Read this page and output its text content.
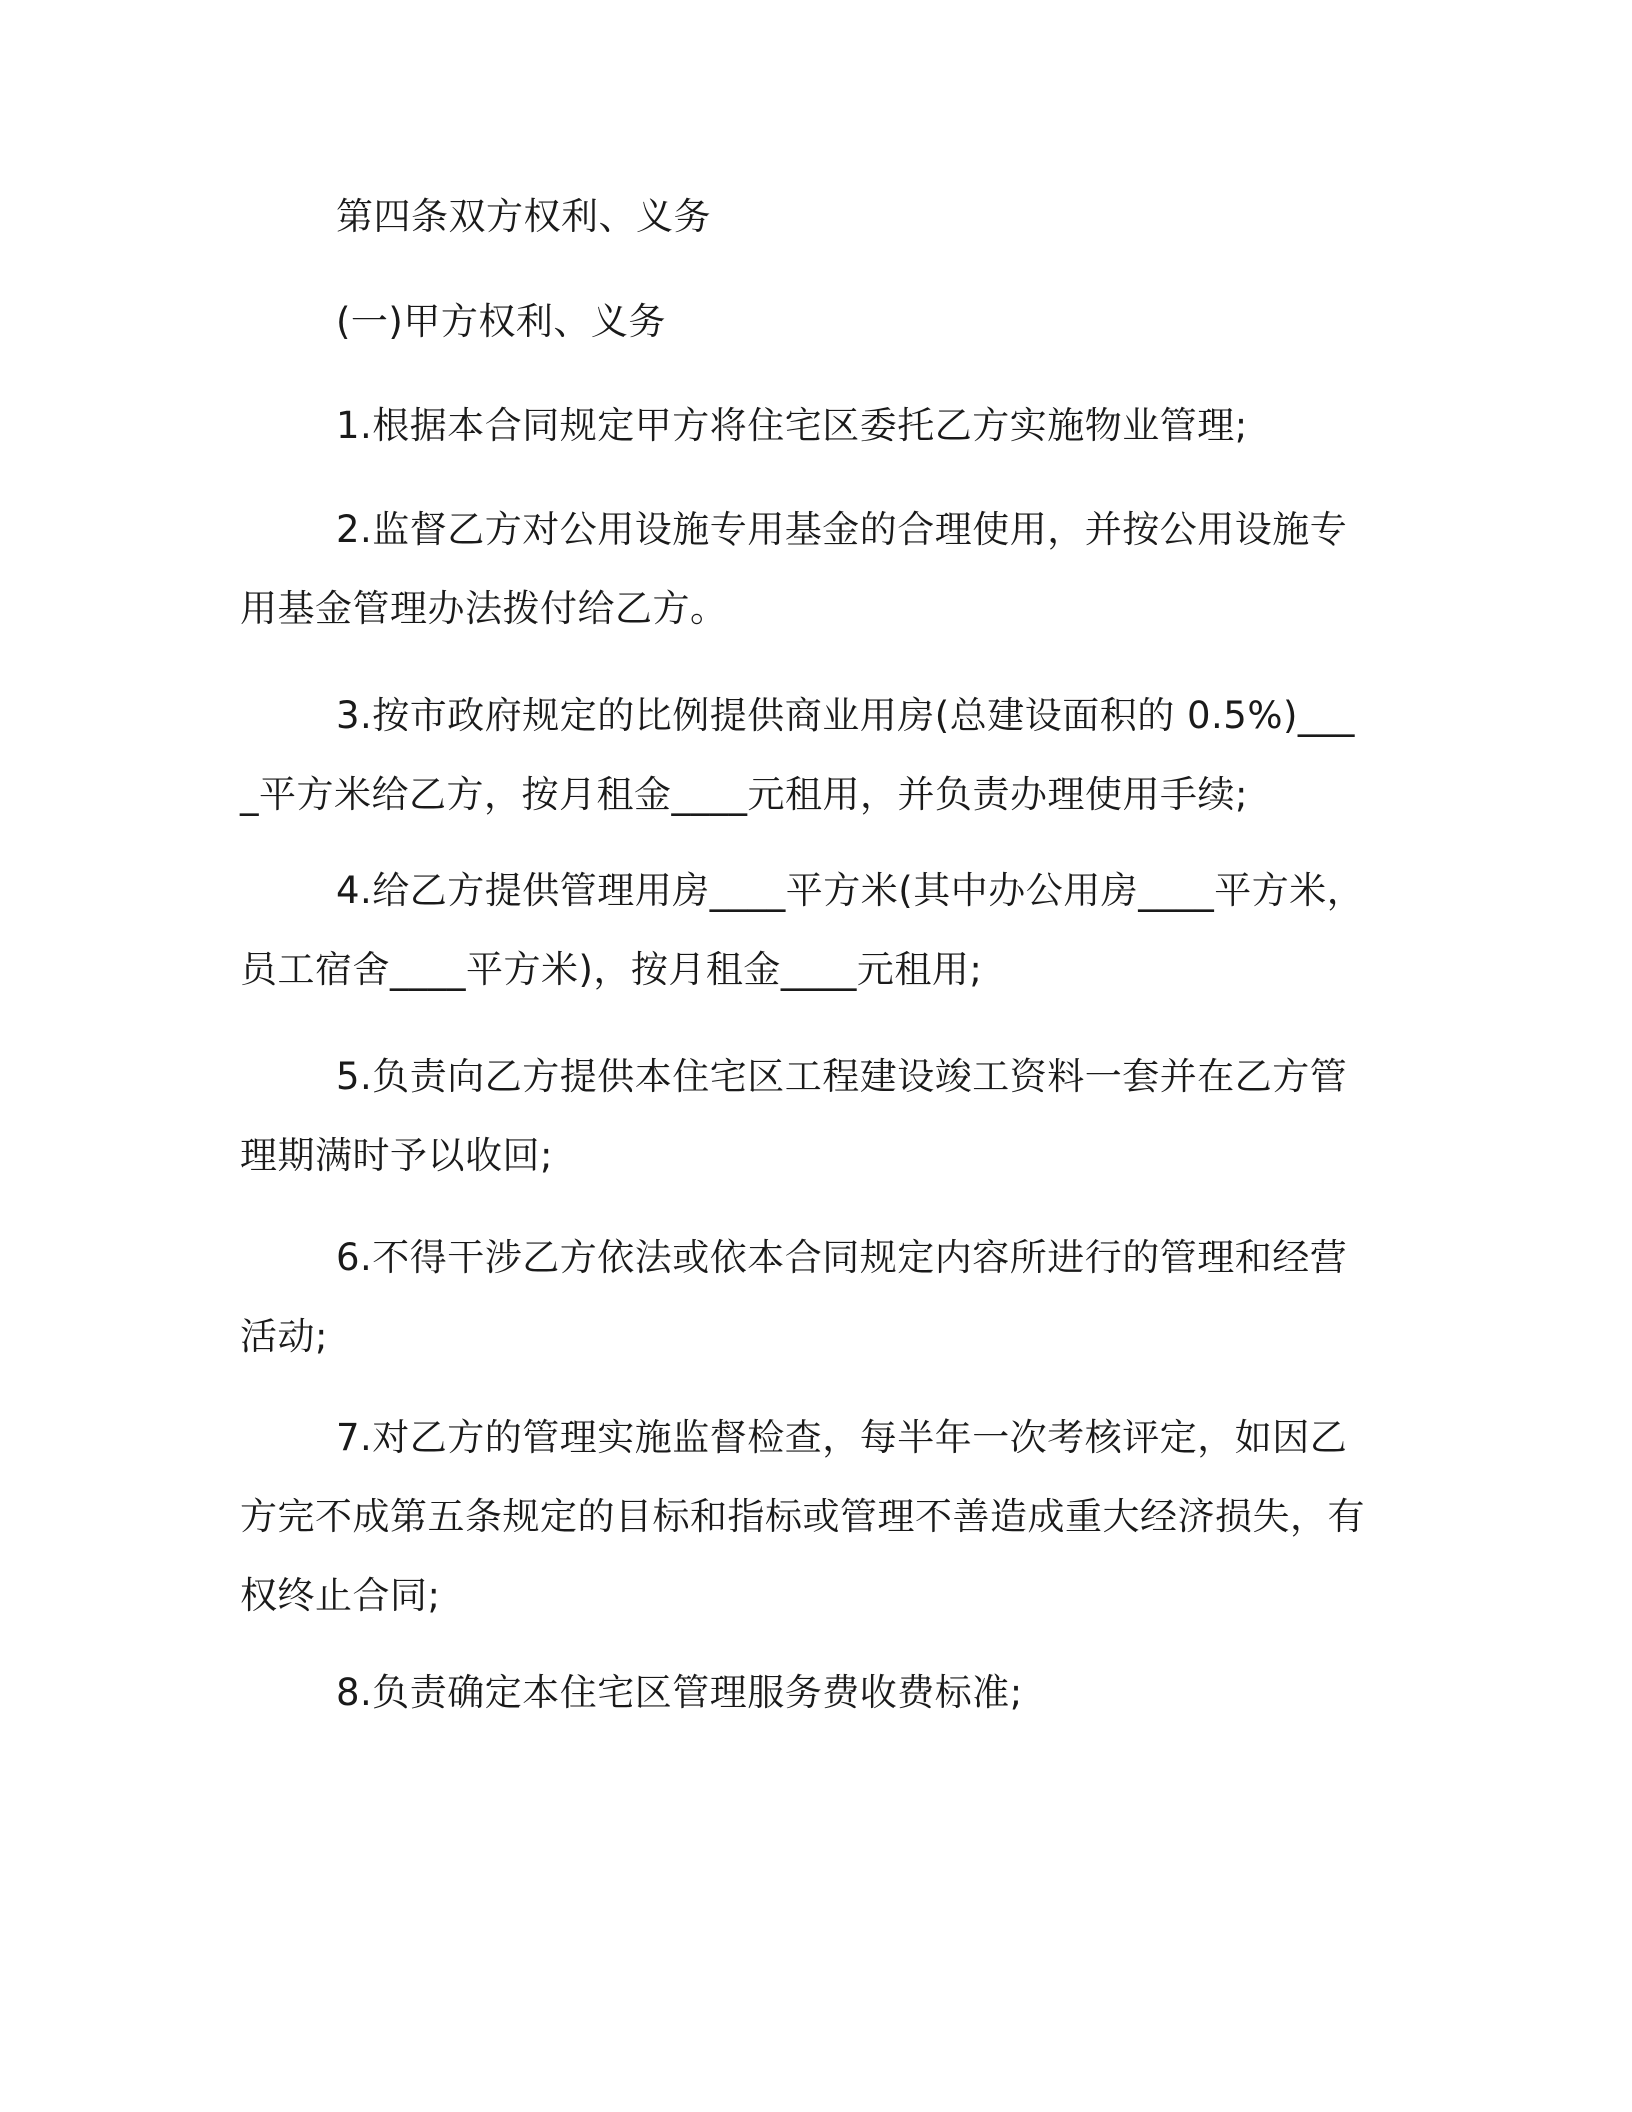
第四条双方权利、义务

(一)甲方权利、义务

1.根据本合同规定甲方将住宅区委托乙方实施物业管理;

2.监督乙方对公用设施专用基金的合理使用，并按公用设施专用基金管理办法拨付给乙方。

3.按市政府规定的比例提供商业用房(总建设面积的 0.5%)____平方米给乙方，按月租金____元租用，并负责办理使用手续;

4.给乙方提供管理用房____平方米(其中办公用房____平方米，员工宿舍____平方米)，按月租金____元租用;

5.负责向乙方提供本住宅区工程建设竣工资料一套并在乙方管理期满时予以收回;

6.不得干涉乙方依法或依本合同规定内容所进行的管理和经营活动;

7.对乙方的管理实施监督检查，每半年一次考核评定，如因乙方完不成第五条规定的目标和指标或管理不善造成重大经济损失，有权终止合同;

8.负责确定本住宅区管理服务费收费标准;
